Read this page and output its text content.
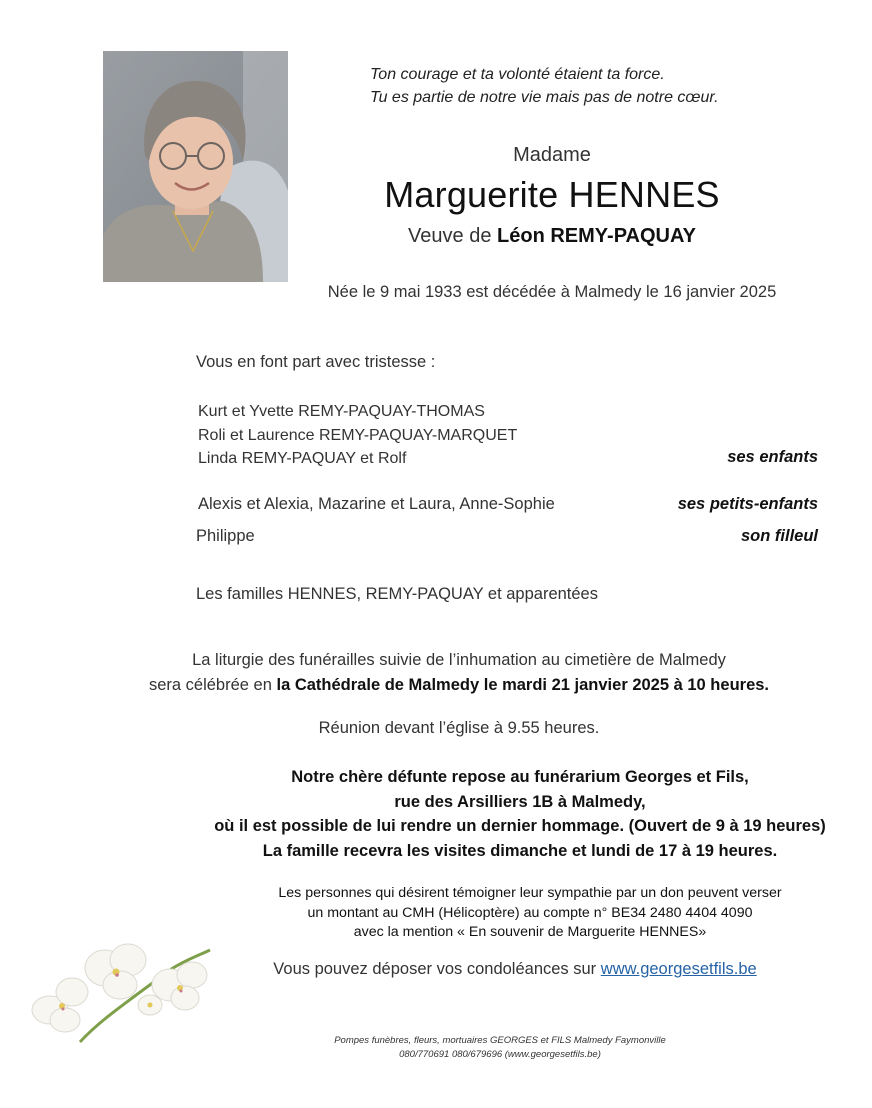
Ton courage et ta volonté étaient ta force.
Tu es partie de notre vie mais pas de notre cœur.
Madame
Marguerite HENNES
Veuve de Léon REMY-PAQUAY
Née le 9 mai 1933 est décédée à Malmedy le 16 janvier 2025
Vous en font part avec tristesse :
Kurt et Yvette REMY-PAQUAY-THOMAS
Roli et Laurence REMY-PAQUAY-MARQUET
Linda REMY-PAQUAY et Rolf	ses enfants
Alexis et Alexia, Mazarine et Laura, Anne-Sophie	ses petits-enfants
Philippe	son filleul
Les familles HENNES, REMY-PAQUAY et apparentées
La liturgie des funérailles suivie de l’inhumation au cimetière de Malmedy
sera célébrée en la Cathédrale de Malmedy le mardi 21 janvier 2025 à 10 heures.
Réunion devant l’église à 9.55 heures.
Notre chère défunte repose au funérarium Georges et Fils,
rue des Arsilliers 1B à Malmedy,
où il est possible de lui rendre un dernier hommage. (Ouvert de 9 à 19 heures)
La famille recevra les visites dimanche et lundi de 17 à 19 heures.
Les personnes qui désirent témoigner leur sympathie par un don peuvent verser
un montant au CMH (Hélicoptère) au compte n° BE34 2480 4404 4090
avec la mention « En souvenir de Marguerite HENNES»
Vous pouvez déposer vos condoléances sur www.georgesetfils.be
Pompes funèbres, fleurs, mortuaires GEORGES et FILS Malmedy Faymonville
080/770691 080/679696 (www.georgesetfils.be)
